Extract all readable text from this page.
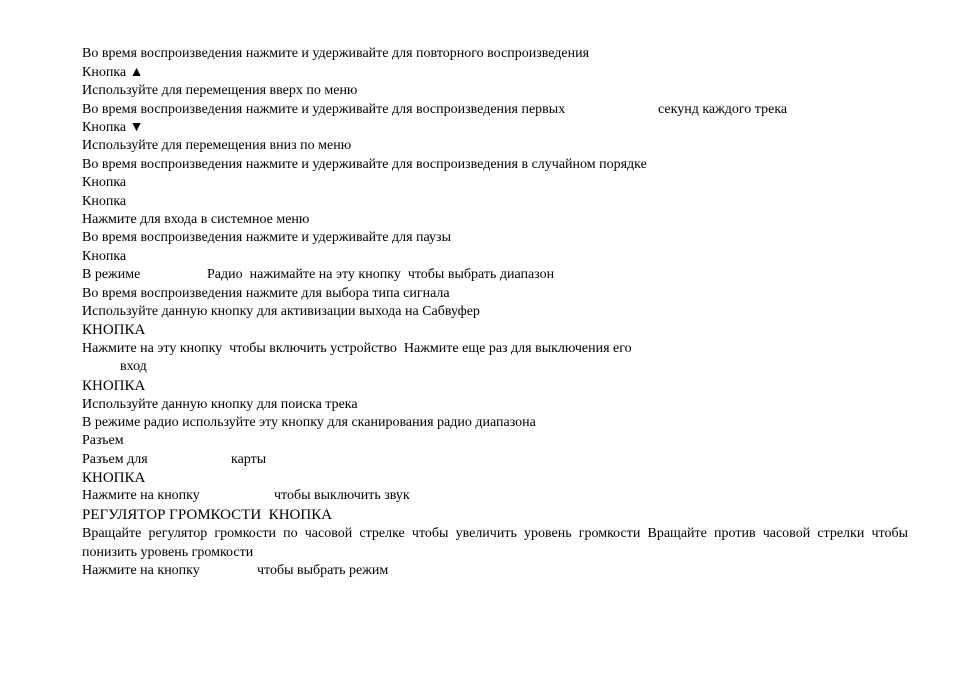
Во время воспроизведения нажмите и удерживайте для повторного воспроизведения
Кнопка ▲
Используйте для перемещения вверх по меню
Во время воспроизведения нажмите и удерживайте для воспроизведения первых	секунд каждого трека
Кнопка ▼
Используйте для перемещения вниз по меню
Во время воспроизведения нажмите и удерживайте для воспроизведения в случайном порядке
Кнопка
Кнопка
Нажмите для входа в системное меню
Во время воспроизведения нажмите и удерживайте для паузы
Кнопка
В режиме	Радио  нажимайте на эту кнопку  чтобы выбрать диапазон
Во время воспроизведения нажмите для выбора типа сигнала
Используйте данную кнопку для активизации выхода на Сабвуфер
КНОПКА
Нажмите на эту кнопку  чтобы включить устройство  Нажмите еще раз для выключения его
вход
КНОПКА
Используйте данную кнопку для поиска трека
В режиме радио используйте эту кнопку для сканирования радио диапазона
Разъем
Разъем для	карты
КНОПКА
Нажмите на кнопку	чтобы выключить звук
РЕГУЛЯТОР ГРОМКОСТИ  КНОПКА
Вращайте регулятор громкости по часовой стрелке чтобы увеличить уровень громкости Вращайте против часовой стрелки чтобы понизить уровень громкости
Нажмите на кнопку	чтобы выбрать режим
